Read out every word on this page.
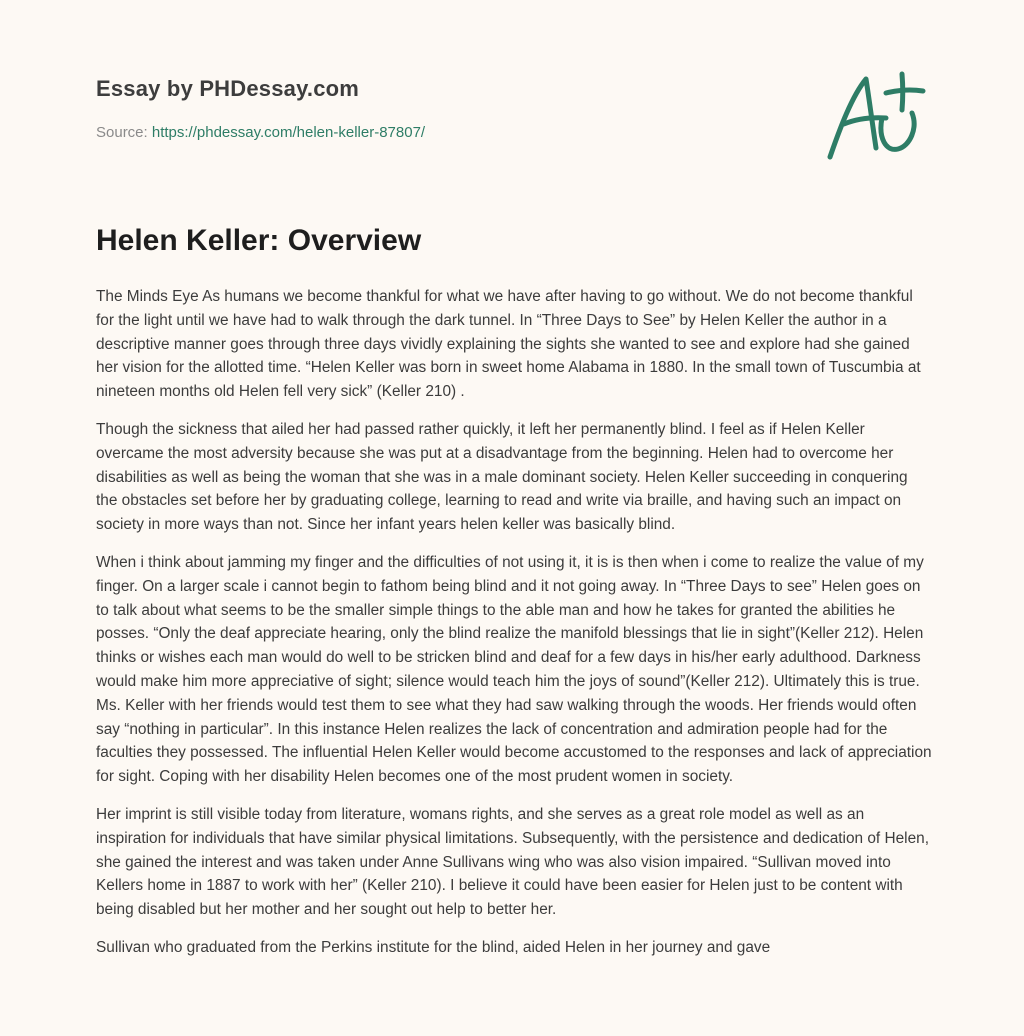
Essay by PHDessay.com
Source: https://phdessay.com/helen-keller-87807/
Helen Keller: Overview

The Minds Eye As humans we become thankful for what we have after having to go without. We do not become thankful for the light until we have had to walk through the dark tunnel. In “Three Days to See” by Helen Keller the author in a descriptive manner goes through three days vividly explaining the sights she wanted to see and explore had she gained her vision for the allotted time. “Helen Keller was born in sweet home Alabama in 1880. In the small town of Tuscumbia at nineteen months old Helen fell very sick” (Keller 210) .

Though the sickness that ailed her had passed rather quickly, it left her permanently blind. I feel as if Helen Keller overcame the most adversity because she was put at a disadvantage from the beginning. Helen had to overcome her disabilities as well as being the woman that she was in a male dominant society. Helen Keller succeeding in conquering the obstacles set before her by graduating college, learning to read and write via braille, and having such an impact on society in more ways than not. Since her infant years helen keller was basically blind.

When i think about jamming my finger and the difficulties of not using it, it is is then when i come to realize the value of my finger. On a larger scale i cannot begin to fathom being blind and it not going away. In “Three Days to see” Helen goes on to talk about what seems to be the smaller simple things to the able man and how he takes for granted the abilities he posses. “Only the deaf appreciate hearing, only the blind realize the manifold blessings that lie in sight”(Keller 212). Helen thinks or wishes each man would do well to be stricken blind and deaf for a few days in his/her early adulthood. Darkness would make him more appreciative of sight; silence would teach him the joys of sound”(Keller 212). Ultimately this is true. Ms. Keller with her friends would test them to see what they had saw walking through the woods. Her friends would often say “nothing in particular”. In this instance Helen realizes the lack of concentration and admiration people had for the faculties they possessed. The influential Helen Keller would become accustomed to the responses and lack of appreciation for sight. Coping with her disability Helen becomes one of the most prudent women in society.

Her imprint is still visible today from literature, womans rights, and she serves as a great role model as well as an inspiration for individuals that have similar physical limitations. Subsequently, with the persistence and dedication of Helen, she gained the interest and was taken under Anne Sullivans wing who was also vision impaired. “Sullivan moved into Kellers home in 1887 to work with her” (Keller 210). I believe it could have been easier for Helen just to be content with being disabled but her mother and her sought out help to better her.

Sullivan who graduated from the Perkins institute for the blind, aided Helen in her journey and gave
